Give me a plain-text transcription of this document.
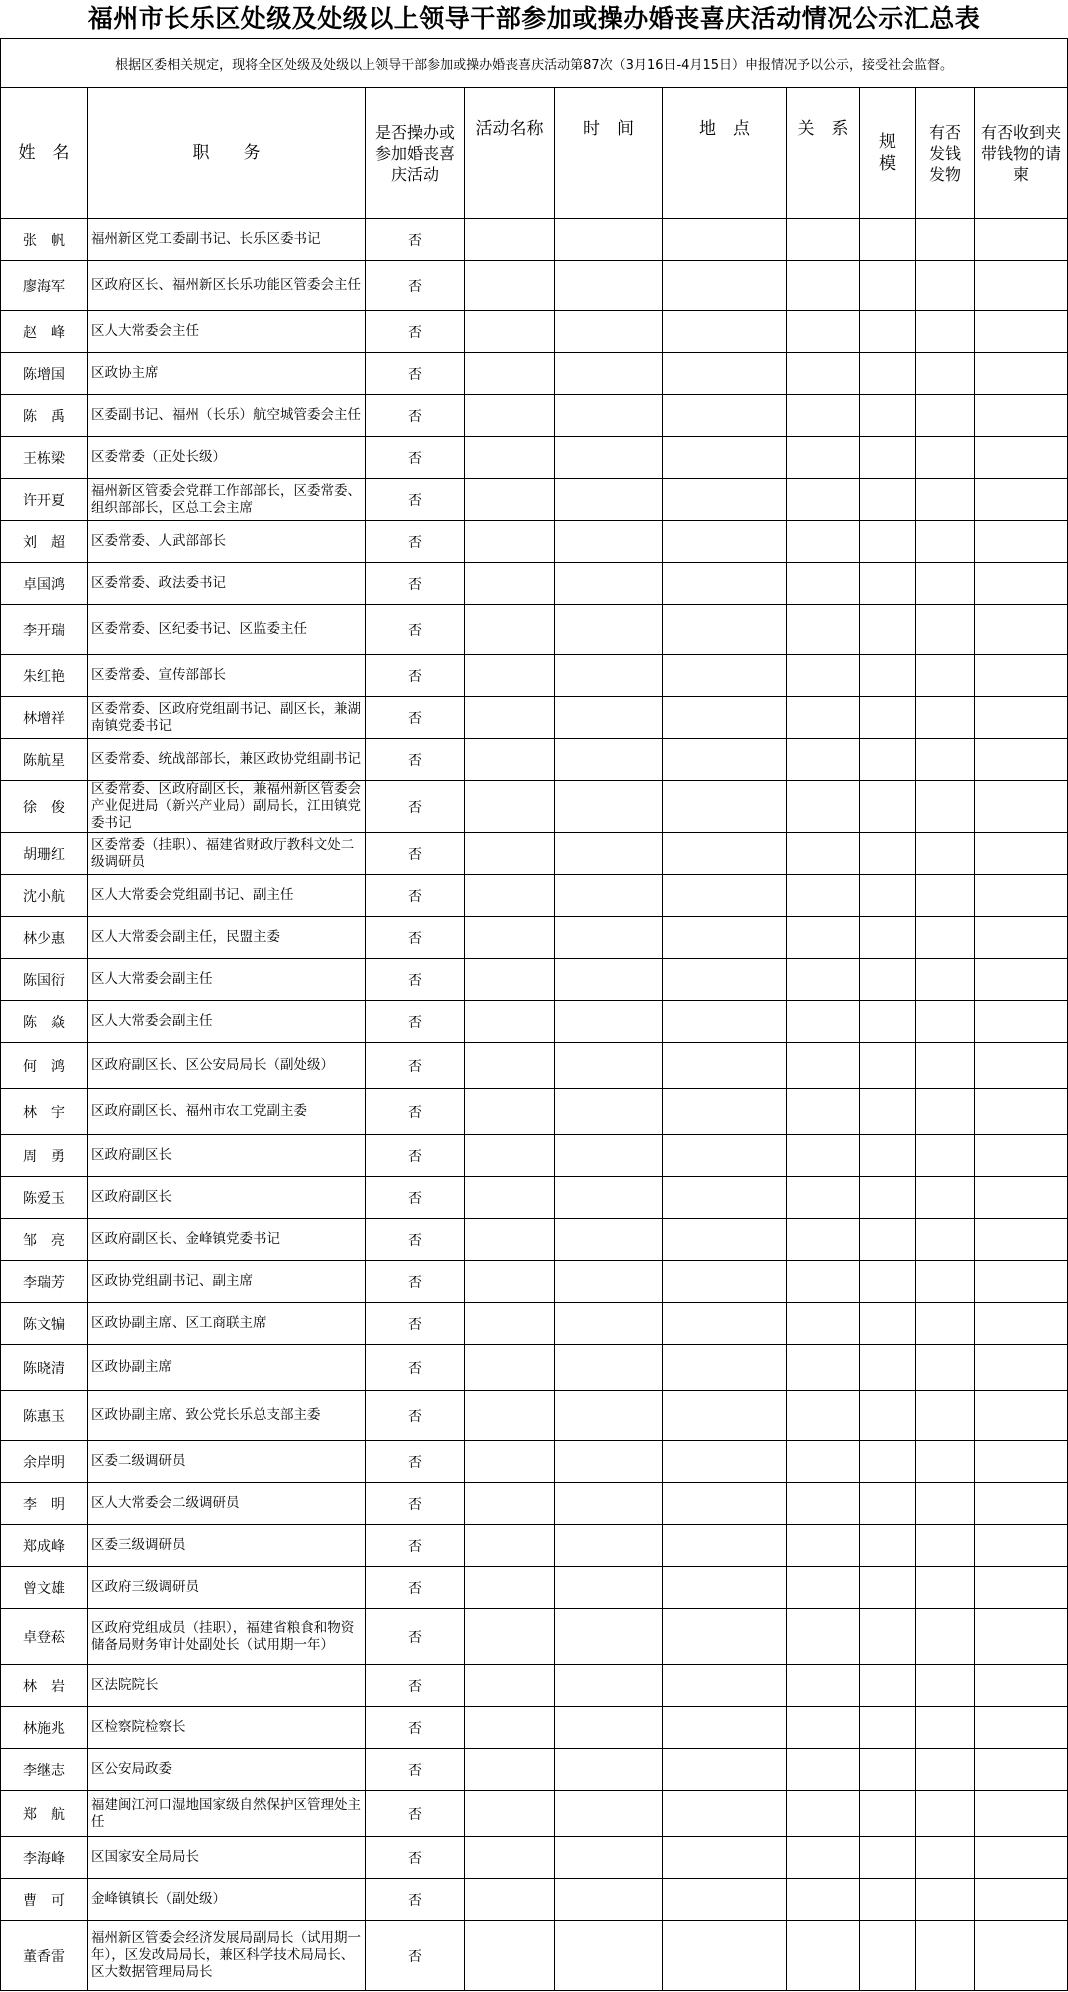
福州市长乐区处级及处级以上领导干部参加或操办婚丧喜庆活动情况公示汇总表
根据区委相关规定，现将全区处级及处级以上领导干部参加或操办婚丧喜庆活动第87次（3月16日-4月15日）申报情况予以公示，接受社会监督。									
姓　名	职　　务	是否操办或参加婚丧喜庆活动	活动名称	时　间	地　点	关　系	规模	有否发钱发物	有否收到夹带钱物的请柬
张　帆	福州新区党工委副书记、长乐区委书记	否							
廖海军	区政府区长、福州新区长乐功能区管委会主任	否							
赵　峰	区人大常委会主任	否							
陈增国	区政协主席	否							
陈　禹	区委副书记、福州（长乐）航空城管委会主任	否							
王栋梁	区委常委（正处长级）	否							
许开夏	福州新区管委会党群工作部部长，区委常委、组织部部长，区总工会主席	否							
刘　超	区委常委、人武部部长	否							
卓国鸿	区委常委、政法委书记	否							
李开瑞	区委常委、区纪委书记、区监委主任	否							
朱红艳	区委常委、宣传部部长	否							
林增祥	区委常委、区政府党组副书记、副区长，兼湖南镇党委书记	否							
陈航星	区委常委、统战部部长，兼区政协党组副书记	否							
徐　俊	区委常委、区政府副区长，兼福州新区管委会产业促进局（新兴产业局）副局长，江田镇党委书记	否							
胡珊红	区委常委（挂职）、福建省财政厅教科文处二级调研员	否							
沈小航	区人大常委会党组副书记、副主任	否							
林少惠	区人大常委会副主任，民盟主委	否							
陈国衍	区人大常委会副主任	否							
陈　焱	区人大常委会副主任	否							
何　鸿	区政府副区长、区公安局局长（副处级）	否							
林　宇	区政府副区长、福州市农工党副主委	否							
周　勇	区政府副区长	否							
陈爱玉	区政府副区长	否							
邹　亮	区政府副区长、金峰镇党委书记	否							
李瑞芳	区政协党组副书记、副主席	否							
陈文犏	区政协副主席、区工商联主席	否							
陈晓清	区政协副主席	否							
陈惠玉	区政协副主席、致公党长乐总支部主委	否							
余岸明	区委二级调研员	否							
李　明	区人大常委会二级调研员	否							
郑成峰	区委三级调研员	否							
曾文雄	区政府三级调研员	否							
卓登菘	区政府党组成员（挂职），福建省粮食和物资储备局财务审计处副处长（试用期一年）	否							
林　岩	区法院院长	否							
林施兆	区检察院检察长	否							
李继志	区公安局政委	否							
郑　航	福建闽江河口湿地国家级自然保护区管理处主任	否							
李海峰	区国家安全局局长	否							
曹　可	金峰镇镇长（副处级）	否							
董香雷	福州新区管委会经济发展局副局长（试用期一年），区发改局局长，兼区科学技术局局长、区大数据管理局局长	否							
